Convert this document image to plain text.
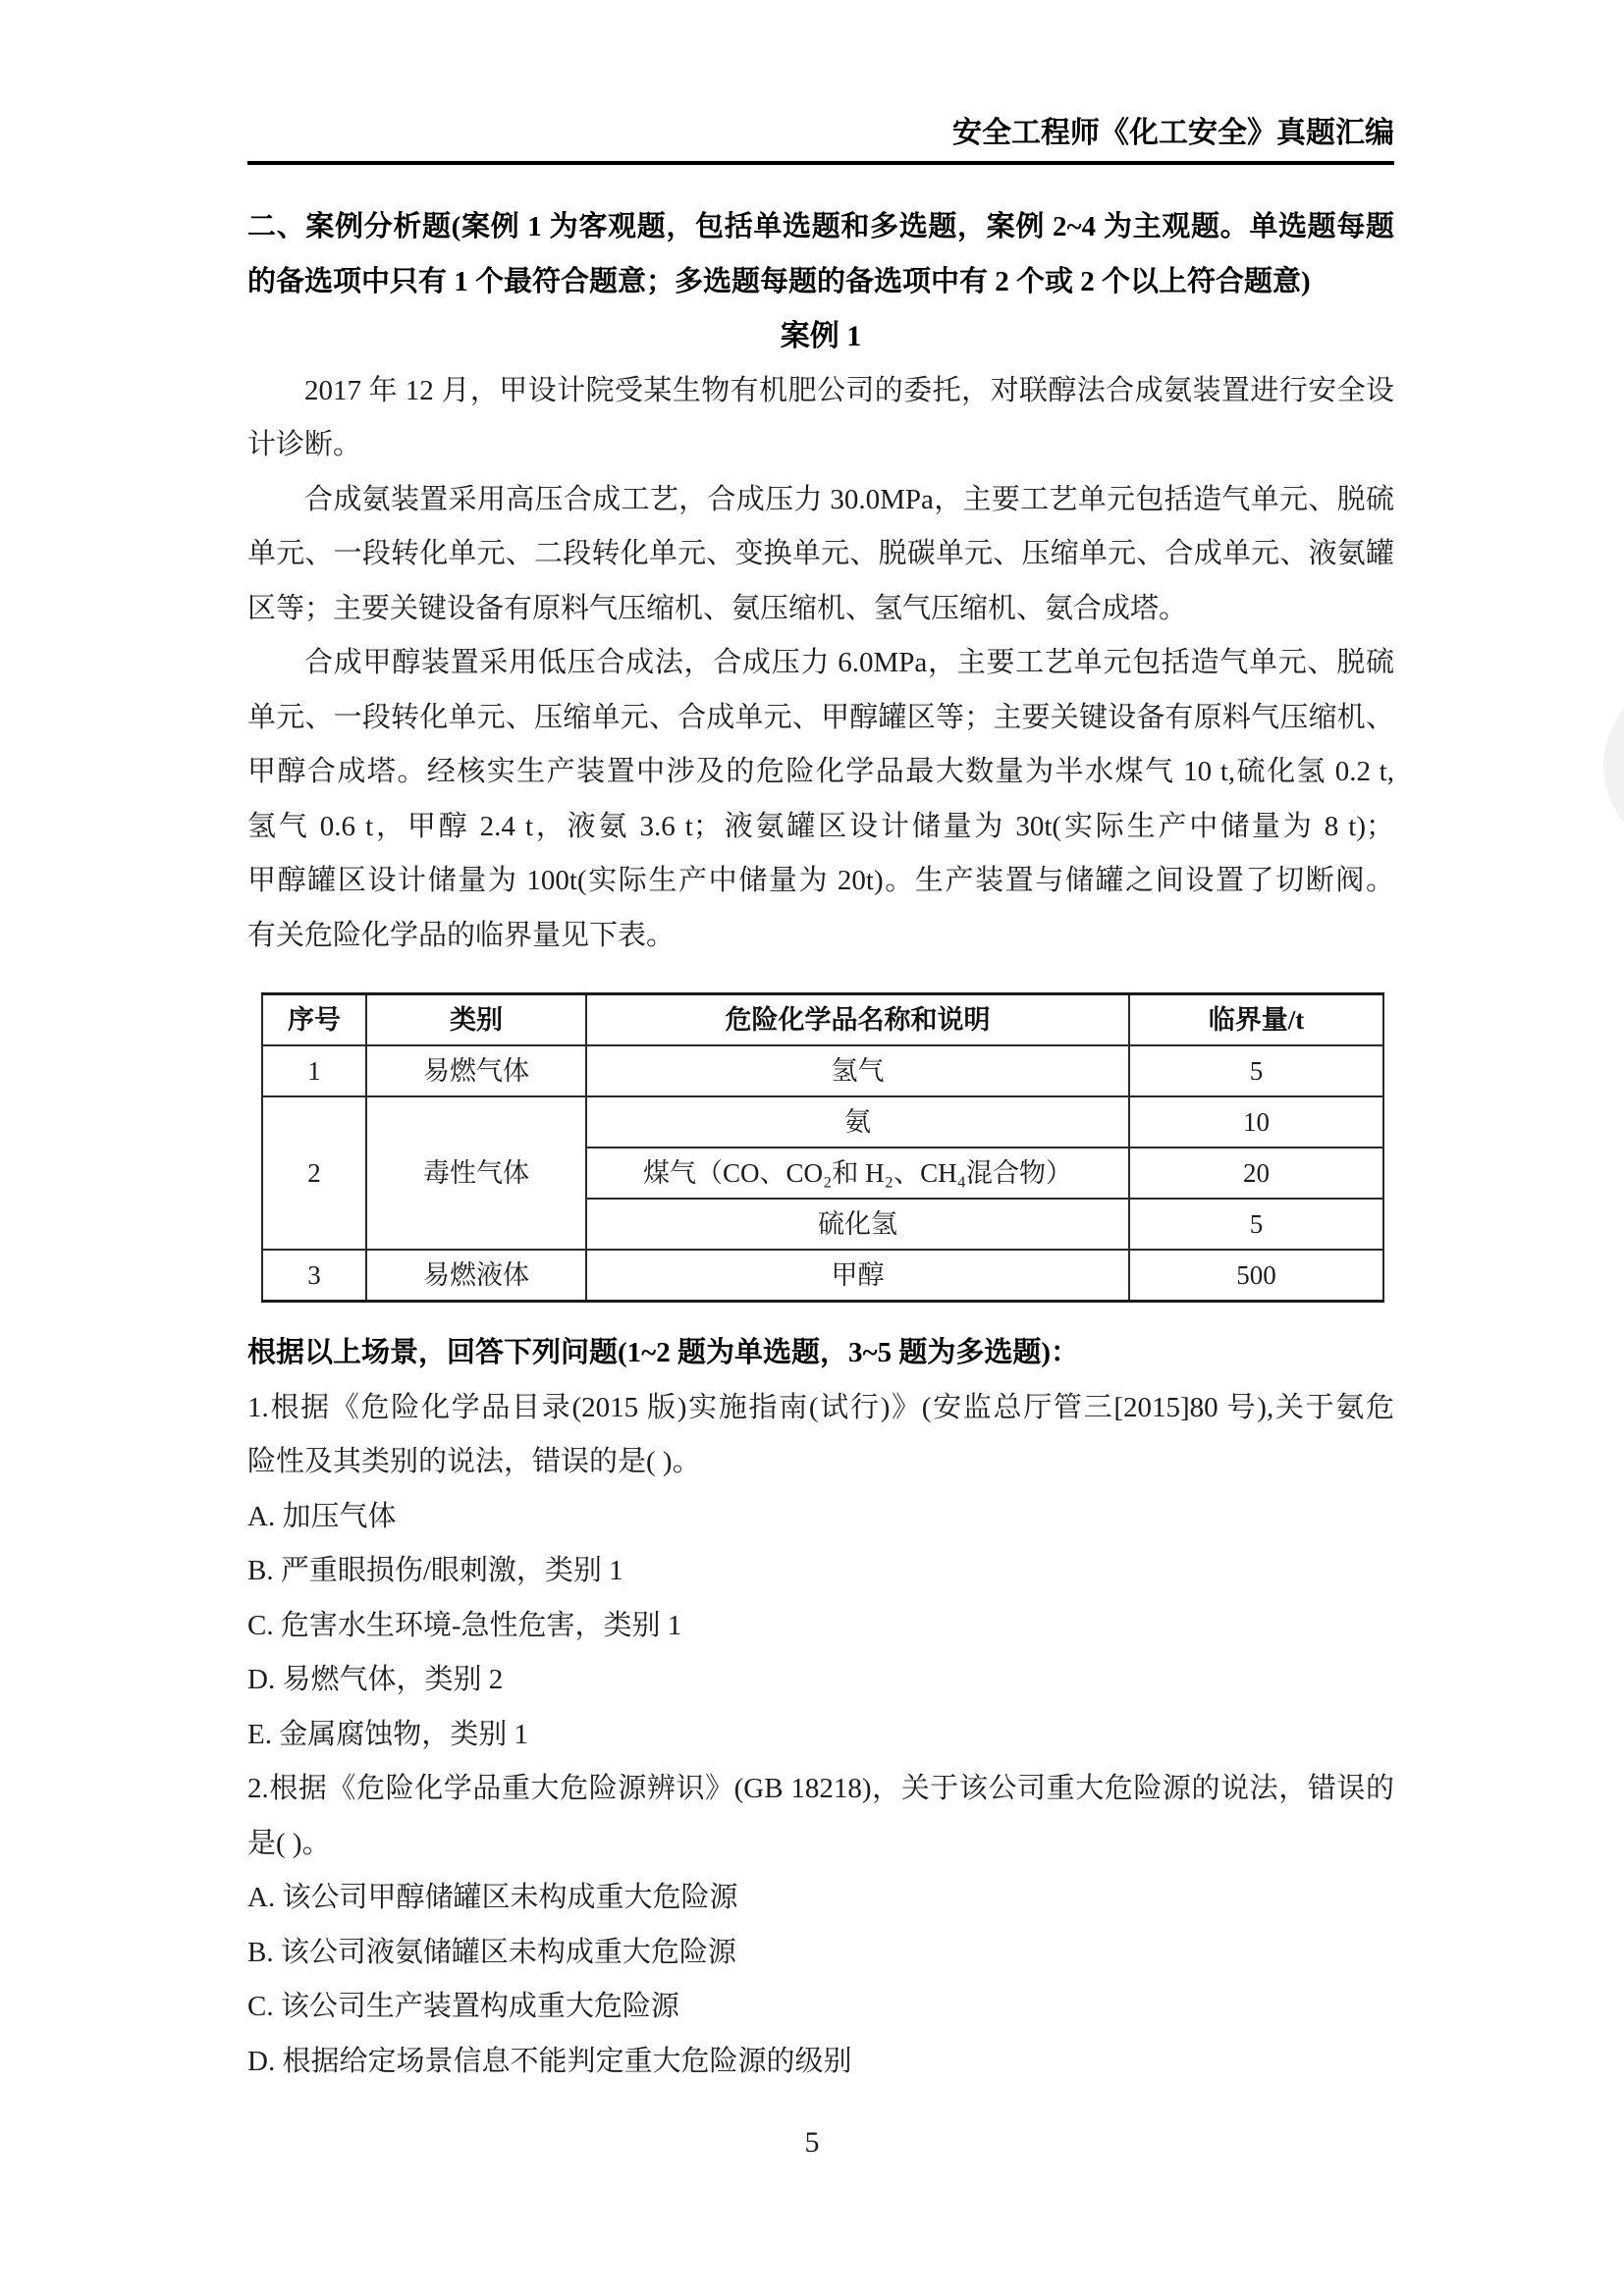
安全工程师《化工安全》真题汇编
二、案例分析题(案例 1 为客观题，包括单选题和多选题，案例 2~4 为主观题。单选题每题
的备选项中只有 1 个最符合题意；多选题每题的备选项中有 2 个或 2 个以上符合题意)
案例 1
2017 年 12 月，甲设计院受某生物有机肥公司的委托，对联醇法合成氨装置进行安全设
计诊断。
合成氨装置采用高压合成工艺，合成压力 30.0MPa，主要工艺单元包括造气单元、脱硫
单元、一段转化单元、二段转化单元、变换单元、脱碳单元、压缩单元、合成单元、液氨罐
区等；主要关键设备有原料气压缩机、氨压缩机、氢气压缩机、氨合成塔。
合成甲醇装置采用低压合成法，合成压力 6.0MPa，主要工艺单元包括造气单元、脱硫
单元、一段转化单元、压缩单元、合成单元、甲醇罐区等；主要关键设备有原料气压缩机、
甲醇合成塔。经核实生产装置中涉及的危险化学品最大数量为半水煤气 10 t,硫化氢 0.2 t,
氢气 0.6 t，甲醇 2.4 t，液氨 3.6 t；液氨罐区设计储量为 30t(实际生产中储量为 8 t)；
甲醇罐区设计储量为 100t(实际生产中储量为 20t)。生产装置与储罐之间设置了切断阀。
有关危险化学品的临界量见下表。
序号	类别	危险化学品名称和说明	临界量/t
1	易燃气体	氢气	5
2	毒性气体	氨	10
		煤气（CO、CO₂和 H₂、CH₄混合物）	20
		硫化氢	5
3	易燃液体	甲醇	500
根据以上场景，回答下列问题(1~2 题为单选题，3~5 题为多选题)：
1.根据《危险化学品目录(2015 版)实施指南(试行)》(安监总厅管三[2015]80 号),关于氨危
险性及其类别的说法，错误的是( )。
A. 加压气体
B. 严重眼损伤/眼刺激，类别 1
C. 危害水生环境-急性危害，类别 1
D. 易燃气体，类别 2
E. 金属腐蚀物，类别 1
2.根据《危险化学品重大危险源辨识》(GB 18218)，关于该公司重大危险源的说法，错误的
是( )。
A. 该公司甲醇储罐区未构成重大危险源
B. 该公司液氨储罐区未构成重大危险源
C. 该公司生产装置构成重大危险源
D. 根据给定场景信息不能判定重大危险源的级别
5
